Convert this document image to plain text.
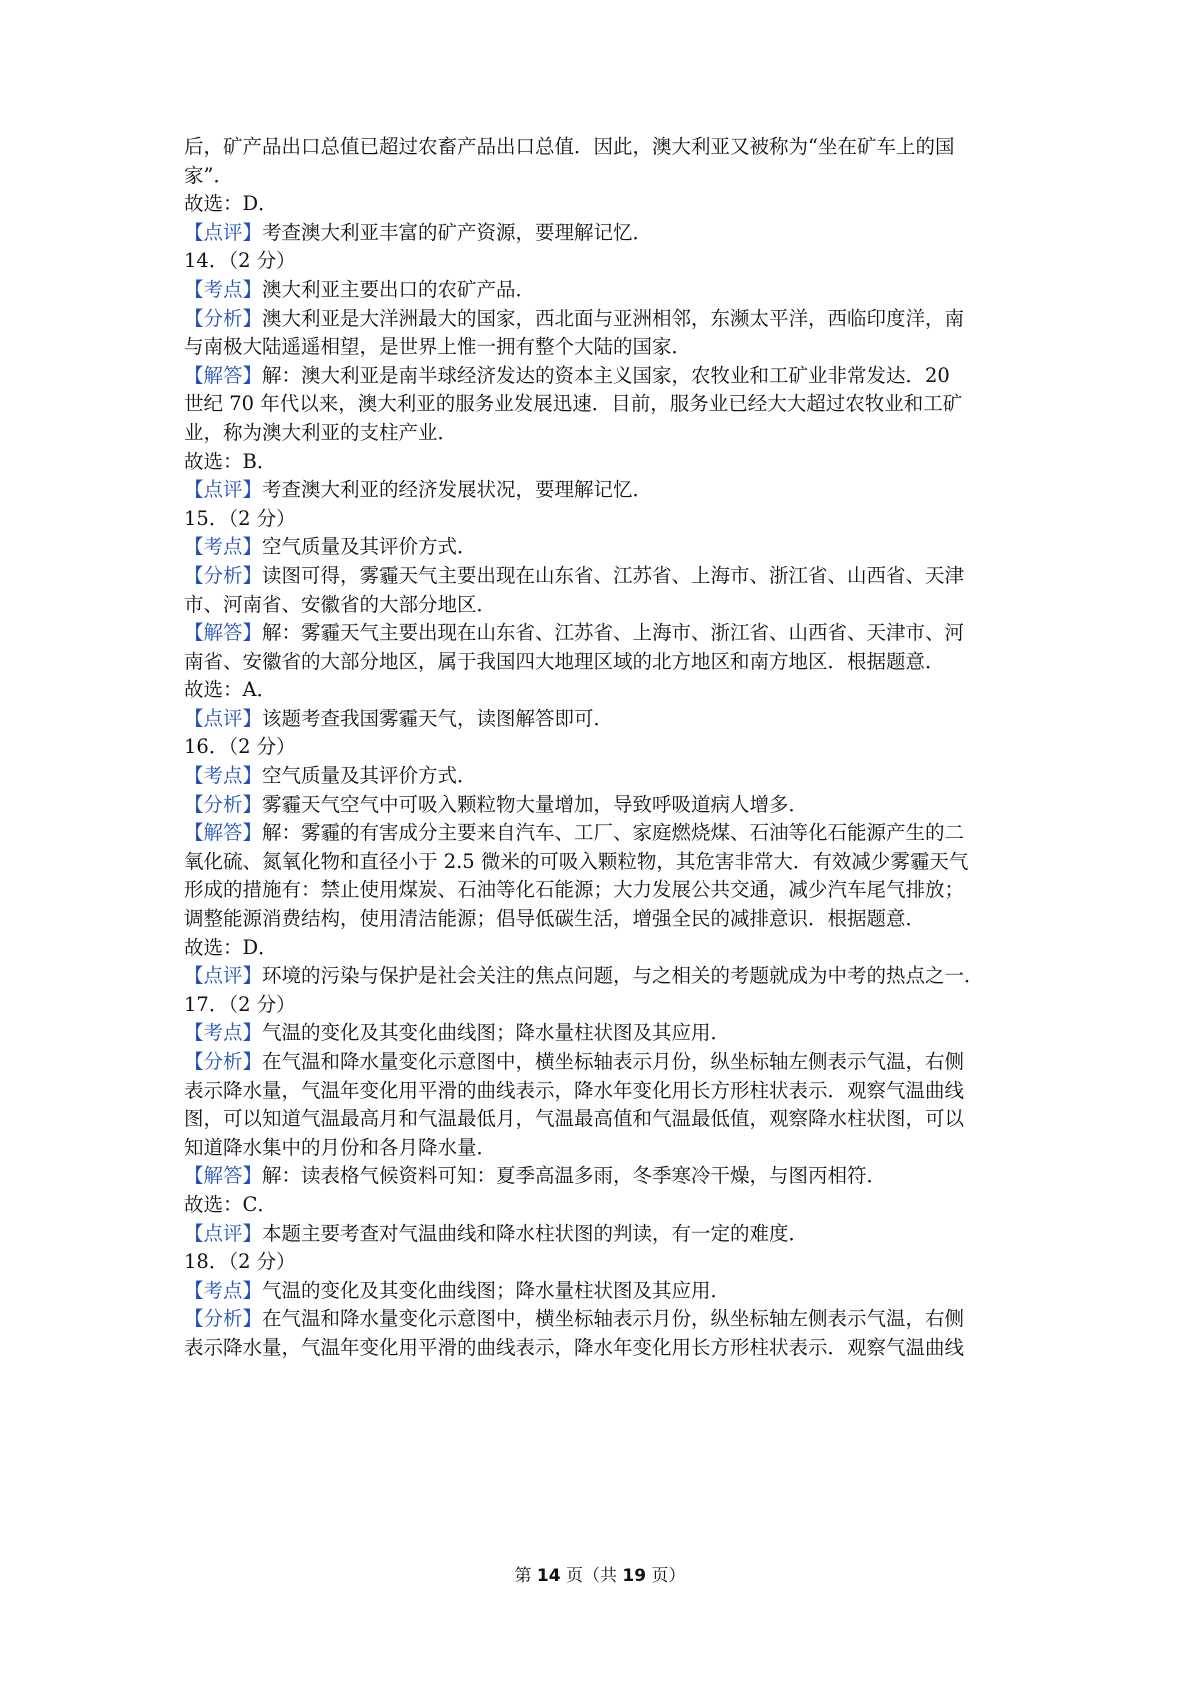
后，矿产品出口总值已超过农畜产品出口总值．因此，澳大利亚又被称为“坐在矿车上的国
家”．
故选：D．
【点评】考查澳大利亚丰富的矿产资源，要理解记忆．
14．（2 分）
【考点】澳大利亚主要出口的农矿产品．
【分析】澳大利亚是大洋洲最大的国家，西北面与亚洲相邻，东濒太平洋，西临印度洋，南
与南极大陆遥遥相望，是世界上惟一拥有整个大陆的国家．
【解答】解：澳大利亚是南半球经济发达的资本主义国家，农牧业和工矿业非常发达．20
世纪 70 年代以来，澳大利亚的服务业发展迅速．目前，服务业已经大大超过农牧业和工矿
业，称为澳大利亚的支柱产业．
故选：B．
【点评】考查澳大利亚的经济发展状况，要理解记忆．
15．（2 分）
【考点】空气质量及其评价方式．
【分析】读图可得，雾霾天气主要出现在山东省、江苏省、上海市、浙江省、山西省、天津
市、河南省、安徽省的大部分地区．
【解答】解：雾霾天气主要出现在山东省、江苏省、上海市、浙江省、山西省、天津市、河
南省、安徽省的大部分地区，属于我国四大地理区域的北方地区和南方地区．根据题意．
故选：A．
【点评】该题考查我国雾霾天气，读图解答即可．
16．（2 分）
【考点】空气质量及其评价方式．
【分析】雾霾天气空气中可吸入颗粒物大量增加，导致呼吸道病人增多．
【解答】解：雾霾的有害成分主要来自汽车、工厂、家庭燃烧煤、石油等化石能源产生的二
氧化硫、氮氧化物和直径小于 2.5 微米的可吸入颗粒物，其危害非常大．有效减少雾霾天气
形成的措施有：禁止使用煤炭、石油等化石能源；大力发展公共交通，减少汽车尾气排放；
调整能源消费结构，使用清洁能源；倡导低碳生活，增强全民的减排意识．根据题意．
故选：D．
【点评】环境的污染与保护是社会关注的焦点问题，与之相关的考题就成为中考的热点之一．
17．（2 分）
【考点】气温的变化及其变化曲线图；降水量柱状图及其应用．
【分析】在气温和降水量变化示意图中，横坐标轴表示月份，纵坐标轴左侧表示气温，右侧
表示降水量，气温年变化用平滑的曲线表示，降水年变化用长方形柱状表示．观察气温曲线
图，可以知道气温最高月和气温最低月，气温最高值和气温最低值，观察降水柱状图，可以
知道降水集中的月份和各月降水量．
【解答】解：读表格气候资料可知：夏季高温多雨，冬季寒冷干燥，与图丙相符．
故选：C．
【点评】本题主要考查对气温曲线和降水柱状图的判读，有一定的难度．
18．（2 分）
【考点】气温的变化及其变化曲线图；降水量柱状图及其应用．
【分析】在气温和降水量变化示意图中，横坐标轴表示月份，纵坐标轴左侧表示气温，右侧
表示降水量，气温年变化用平滑的曲线表示，降水年变化用长方形柱状表示．观察气温曲线
第 14 页（共 19 页）
